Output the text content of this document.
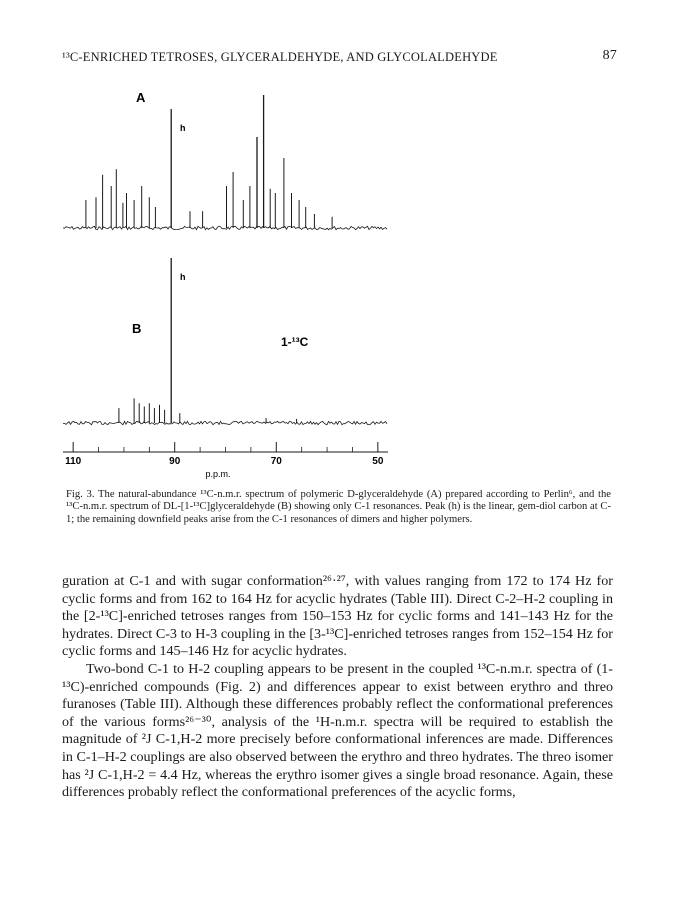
¹³C-ENRICHED TETROSES, GLYCERALDEHYDE, AND GLYCOLALDEHYDE	87
A
h
h
B
1-¹³C
110	90	70	50
p.p.m.
Fig. 3. The natural-abundance ¹³C-n.m.r. spectrum of polymeric D-glyceraldehyde (A) prepared according to Perlin⁶, and the ¹³C-n.m.r. spectrum of DL-[1-¹³C]glyceraldehyde (B) showing only C-1 resonances. Peak (h) is the linear, gem-diol carbon at C-1; the remaining downfield peaks arise from the C-1 resonances of dimers and higher polymers.

guration at C-1 and with sugar conformation²⁶·²⁷, with values ranging from 172 to 174 Hz for cyclic forms and from 162 to 164 Hz for acyclic hydrates (Table III). Direct C-2–H-2 coupling in the [2-¹³C]-enriched tetroses ranges from 150–153 Hz for cyclic forms and 141–143 Hz for the hydrates. Direct C-3 to H-3 coupling in the [3-¹³C]-enriched tetroses ranges from 152–154 Hz for cyclic forms and 145–146 Hz for acyclic hydrates.

Two-bond C-1 to H-2 coupling appears to be present in the coupled ¹³C-n.m.r. spectra of (1-¹³C)-enriched compounds (Fig. 2) and differences appear to exist between erythro and threo furanoses (Table III). Although these differences probably reflect the conformational preferences of the various forms²⁶⁻³⁰, analysis of the ¹H-n.m.r. spectra will be required to establish the magnitude of ²J C-1,H-2 more precisely before conformational inferences are made. Differences in C-1–H-2 couplings are also observed between the erythro and threo hydrates. The threo isomer has ²J C-1,H-2 = 4.4 Hz, whereas the erythro isomer gives a single broad resonance. Again, these differences probably reflect the conformational preferences of the acyclic forms,
